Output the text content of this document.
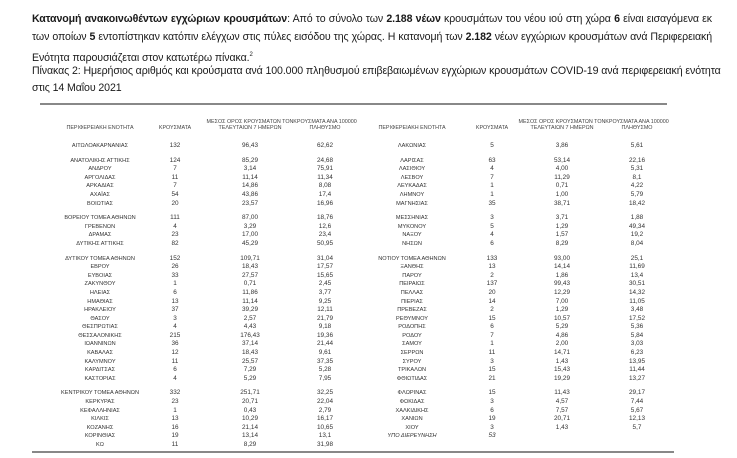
Κατανομή ανακοινωθέντων εγχώριων κρουσμάτων: Από το σύνολο των 2.188 νέων κρουσμάτων του νέου ιού στη χώρα 6 είναι εισαγόμενα εκ των οποίων 5 εντοπίστηκαν κατόπιν ελέγχων στις πύλες εισόδου της χώρας. Η κατανομή των 2.182 νέων εγχώριων κρουσμάτων ανά Περιφερειακή Ενότητα παρουσιάζεται στον κατωτέρω πίνακα.$^2$
Πίνακας 2: Ημερήσιος αριθμός και κρούσματα ανά 100.000 πληθυσμού επιβεβαιωμένων εγχώριων κρουσμάτων COVID-19 ανά περιφερειακή ενότητα στις 14 Μαΐου 2021
ΠΕΡΙΦΕΡΕΙΑΚΗ ΕΝΟΤΗΤΑ	ΚΡΟΥΣΜΑΤΑ
ΜΕΣΟΣ ΟΡΟΣ ΚΡΟΥΣΜΑΤΩΝ ΤΟΝ ΤΕΛΕΥΤΑΙΩΝ 7 ΗΜΕΡΩΝ
ΚΡΟΥΣΜΑΤΑ ΑΝΑ 100000 ΠΛΗΘΥΣΜΟ
ΑΙΤΩΛΟΑΚΑΡΝΑΝΙΑΣ	132	96,43	62,62
ΑΝΑΤΟΛΙΚΗΣ ΑΤΤΙΚΗΣ	124	85,29	24,68
ΑΝΔΡΟΥ	7	3,14	75,91
ΑΡΓΟΛΙΔΑΣ	11	11,14	11,34
ΑΡΚΑΔΙΑΣ	7	14,86	8,08
ΑΧΑΪΑΣ	54	43,86	17,4
ΒΟΙΩΤΙΑΣ	20	23,57	16,96
ΒΟΡΕΙΟΥ ΤΟΜΕΑ ΑΘΗΝΩΝ	111	87,00	18,76
ΓΡΕΒΕΝΩΝ	4	3,29	12,6
ΔΡΑΜΑΣ	23	17,00	23,4
ΔΥΤΙΚΗΣ ΑΤΤΙΚΗΣ	82	45,29	50,95
ΔΥΤΙΚΟΥ ΤΟΜΕΑ ΑΘΗΝΩΝ	152	109,71	31,04
ΕΒΡΟΥ	26	18,43	17,57
ΕΥΒΟΙΑΣ	33	27,57	15,65
ΖΑΚΥΝΘΟΥ	1	0,71	2,45
ΗΛΕΙΑΣ	6	11,86	3,77
ΗΜΑΘΙΑΣ	13	11,14	9,25
ΗΡΑΚΛΕΙΟΥ	37	39,29	12,11
ΘΑΣΟΥ	3	2,57	21,79
ΘΕΣΠΡΩΤΙΑΣ	4	4,43	9,18
ΘΕΣΣΑΛΟΝΙΚΗΣ	215	176,43	19,36
ΙΩΑΝΝΙΝΩΝ	36	37,14	21,44
ΚΑΒΑΛΑΣ	12	18,43	9,61
ΚΑΛΥΜΝΟΥ	11	25,57	37,35
ΚΑΡΔΙΤΣΑΣ	6	7,29	5,28
ΚΑΣΤΟΡΙΑΣ	4	5,29	7,95
ΚΕΝΤΡΙΚΟΥ ΤΟΜΕΑ ΑΘΗΝΩΝ	332	251,71	32,25
ΚΕΡΚΥΡΑΣ	23	20,71	22,04
ΚΕΦΑΛΛΗΝΙΑΣ	1	0,43	2,79
ΚΙΛΚΙΣ	13	10,29	16,17
ΚΟΖΑΝΗΣ	16	21,14	10,65
ΚΟΡΙΝΘΙΑΣ	19	13,14	13,1
ΚΩ	11	8,29	31,98
ΠΕΡΙΦΕΡΕΙΑΚΗ ΕΝΟΤΗΤΑ	ΚΡΟΥΣΜΑΤΑ
ΜΕΣΟΣ ΟΡΟΣ ΚΡΟΥΣΜΑΤΩΝ ΤΟΝ ΤΕΛΕΥΤΑΙΩΝ 7 ΗΜΕΡΩΝ
ΚΡΟΥΣΜΑΤΑ ΑΝΑ 100000 ΠΛΗΘΥΣΜΟ
ΛΑΚΩΝΙΑΣ	5	3,86	5,61
ΛΑΡΙΣΑΣ	63	53,14	22,16
ΛΑΣΙΘΙΟΥ	4	4,00	5,31
ΛΕΣΒΟΥ	7	11,29	8,1
ΛΕΥΚΑΔΑΣ	1	0,71	4,22
ΛΗΜΝΟΥ	1	1,00	5,79
ΜΑΓΝΗΣΙΑΣ	35	38,71	18,42
ΜΕΣΣΗΝΙΑΣ	3	3,71	1,88
ΜΥΚΟΝΟΥ	5	1,29	49,34
ΝΑΞΟΥ	4	1,57	19,2
ΝΗΣΩΝ	6	8,29	8,04
ΝΟΤΙΟΥ ΤΟΜΕΑ ΑΘΗΝΩΝ	133	93,00	25,1
ΞΑΝΘΗΣ	13	14,14	11,69
ΠΑΡΟΥ	2	1,86	13,4
ΠΕΙΡΑΙΩΣ	137	99,43	30,51
ΠΕΛΛΑΣ	20	12,29	14,32
ΠΙΕΡΙΑΣ	14	7,00	11,05
ΠΡΕΒΕΖΑΣ	2	1,29	3,48
ΡΕΘΥΜΝΟΥ	15	10,57	17,52
ΡΟΔΟΠΗΣ	6	5,29	5,36
ΡΟΔΟΥ	7	4,86	5,84
ΣΑΜΟΥ	1	2,00	3,03
ΣΕΡΡΩΝ	11	14,71	6,23
ΣΥΡΟΥ	3	1,43	13,95
ΤΡΙΚΑΛΩΝ	15	15,43	11,44
ΦΘΙΩΤΙΔΑΣ	21	19,29	13,27
ΦΛΩΡΙΝΑΣ	15	11,43	29,17
ΦΩΚΙΔΑΣ	3	4,57	7,44
ΧΑΛΚΙΔΙΚΗΣ	6	7,57	5,67
ΧΑΝΙΩΝ	19	20,71	12,13
ΧΙΟΥ	3	1,43	5,7
ΥΠΟ ΔΙΕΡΕΥΝΗΣΗ	53
